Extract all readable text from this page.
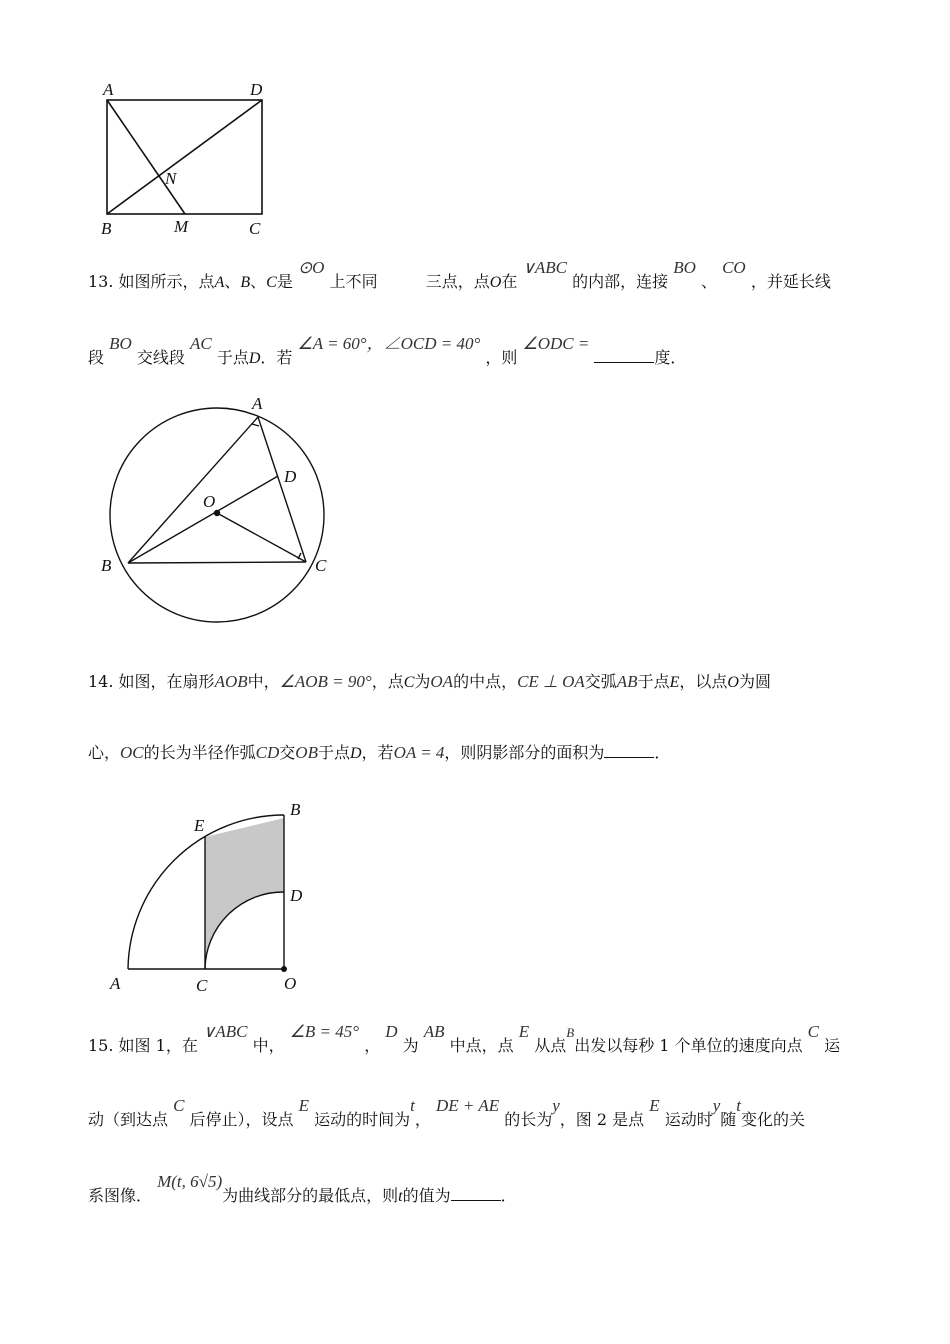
A	D
N
B	M	C
13. 如图所示，点A、B、C是 ⊙O 上不同	三点，点O在 ∨ABC 的内部，连接 BO 、 CO ，并延长线
段 BO 交线段 AC 于点D．若 ∠A = 60°，∠OCD = 40° ，则 ∠ODC = 度．
A
D
O
B	C
14. 如图，在扇形AOB中，∠AOB = 90°，点C为OA的中点，CE ⊥ OA交弧AB于点E，以点O为圆
心，OC的长为半径作弧CD交OB于点D，若OA = 4，则阴影部分的面积为	．
E
B
D
A	C	O
15. 如图 1，在 ∨ABC 中， ∠B = 45° ， D 为 AB 中点，点 E 从点$^B$出发以每秒 1 个单位的速度向点 C 运
动（到达点 C 后停止），设点 E 运动的时间为t， DE + AE 的长为y，图 2 是点 E 运动时y随t变化的关
系图像． M(t, 6√5)为曲线部分的最低点，则t的值为	．
